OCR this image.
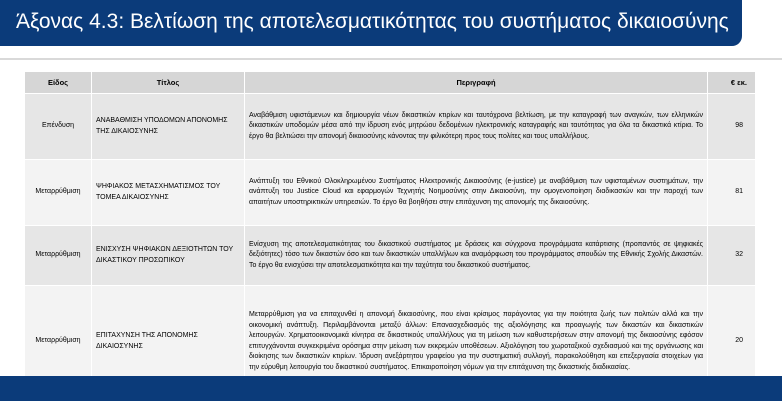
Άξονας 4.3: Βελτίωση της αποτελεσματικότητας του συστήματος δικαιοσύνης
Είδος	Τίτλος	Περιγραφή	€ εκ.
Επένδυση	ΑΝΑΒΑΘΜΙΣΗ ΥΠΟΔΟΜΩΝ ΑΠΟΝΟΜΗΣ ΤΗΣ ΔΙΚΑΙΟΣΥΝΗΣ	Αναβάθμιση υφιστάμενων και δημιουργία νέων δικαστικών κτιρίων και ταυτόχρονα βελτίωση, με την καταγραφή των αναγκών, των ελληνικών δικαστικών υποδομών μέσα από την ίδρυση ενός μητρώου δεδομένων ηλεκτρονικής καταγραφής και ταυτότητας για όλα τα δικαστικά κτίρια. Το έργο θα βελτιώσει την απονομή δικαιοσύνης κάνοντας την φιλικότερη προς τους πολίτες και τους υπαλλήλους.	98
Μεταρρύθμιση	ΨΗΦΙΑΚΟΣ ΜΕΤΑΣΧΗΜΑΤΙΣΜΟΣ ΤΟΥ ΤΟΜΕΑ ΔΙΚΑΙΟΣΥΝΗΣ	Ανάπτυξη του Εθνικού Ολοκληρωμένου Συστήματος Ηλεκτρονικής Δικαιοσύνης (e-justice) με αναβάθμιση των υφισταμένων συστημάτων, την ανάπτυξη του Justice Cloud και εφαρμογών Τεχνητής Νοημοσύνης στην Δικαιοσύνη, την ομογενοποίηση διαδικασιών και την παροχή των απαιτήτων υποστηρικτικών υπηρεσιών. Το έργο θα βοηθήσει στην επιτάχυνση της απονομής της δικαιοσύνης.	81
Μεταρρύθμιση	ΕΝΙΣΧΥΣΗ ΨΗΦΙΑΚΩΝ ΔΕΞΙΟΤΗΤΩΝ ΤΟΥ ΔΙΚΑΣΤΙΚΟΥ ΠΡΟΣΩΠΙΚΟΥ	Ενίσχυση της αποτελεσματικότητας του δικαστικού συστήματος με δράσεις και σύγχρονα προγράμματα κατάρτισης (προπαντός σε ψηφιακές δεξιότητες) τόσο των δικαστών όσο και των δικαστικών υπαλλήλων και αναμόρφωση του προγράμματος σπουδών της Εθνικής Σχολής Δικαστών. Το έργο θα ενισχύσει την αποτελεσματικότητα και την ταχύτητα του δικαστικού συστήματος.	32
Μεταρρύθμιση	ΕΠΙΤΑΧΥΝΣΗ ΤΗΣ ΑΠΟΝΟΜΗΣ ΔΙΚΑΙΟΣΥΝΗΣ	Μεταρρύθμιση για να επιταχυνθεί η απονομή δικαιοσύνης, που είναι κρίσιμος παράγοντας για την ποιότητα ζωής των πολιτών αλλά και την οικονομική ανάπτυξη. Περιλαμβάνονται μεταξύ άλλων: Επανασχεδιασμός της αξιολόγησης και προαγωγής των δικαστών και δικαστικών λειτουργών. Χρηματοοικονομικά κίνητρα σε δικαστικούς υπαλλήλους για τη μείωση των καθυστερήσεων στην απονομή της δικαιοσύνης εφόσον επιτυγχάνονται συγκεκριμένα ορόσημα στην μείωση των εκκρεμών υποθέσεων. Αξιολόγηση του χωροταξικού σχεδιασμού και της οργάνωσης και διοίκησης των δικαστικών κτιρίων. Ίδρυση ανεξάρτητου γραφείου για την συστηματική συλλογή, παρακολούθηση και επεξεργασία στοιχείων για την εύρυθμη λειτουργία του δικαστικού συστήματος. Επικαιροποίηση νόμων για την επιτάχυνση της δικαστικής διαδικασίας.	20
